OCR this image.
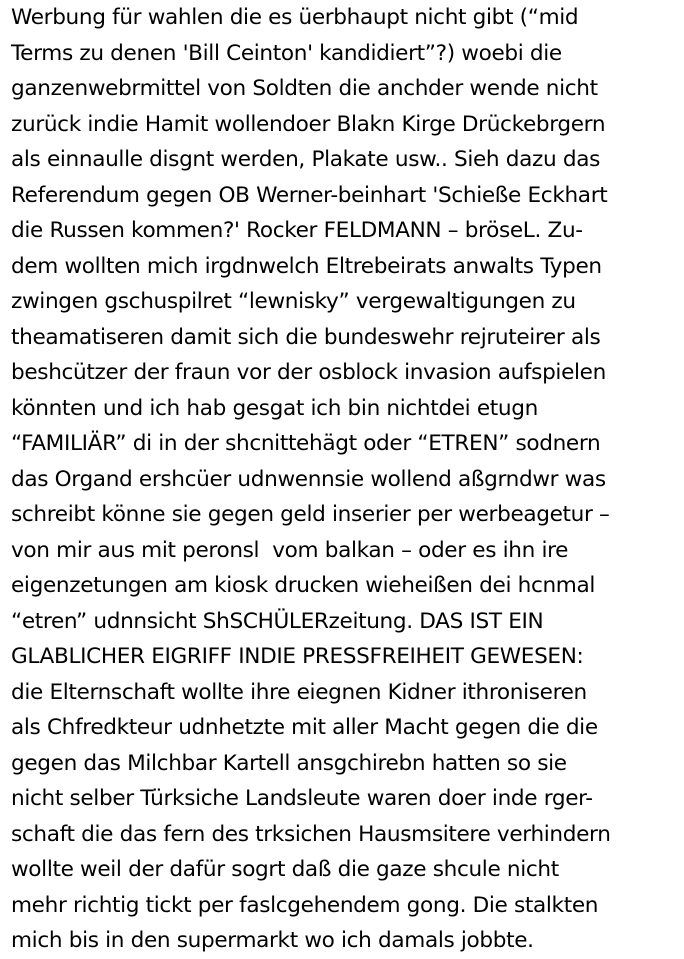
Werbung für wahlen die es üerbhaupt nicht gibt (“mid
Terms zu denen 'Bill Ceinton' kandidiert”?) woebi die
ganzenwebrmittel von Soldten die anchder wende nicht
zurück indie Hamit wollendoer Blakn Kirge Drückebrgern
als einnaulle disgnt werden, Plakate usw.. Sieh dazu das
Referendum gegen OB Werner-beinhart 'Schieße Eckhart
die Russen kommen?' Rocker FELDMANN – bröseL. Zu-
dem wollten mich irgdnwelch Eltrebeirats anwalts Typen
zwingen gschuspilret “lewnisky” vergewaltigungen zu
theamatiseren damit sich die bundeswehr rejruteirer als
beshcützer der fraun vor der osblock invasion aufspielen
könnten und ich hab gesgat ich bin nichtdei etugn
“FAMILIÄR” di in der shcnittehägt oder “ETREN” sodnern
das Organd ershcüer udnwennsie wollend aßgrndwr was
schreibt könne sie gegen geld inserier per werbeagetur –
von mir aus mit peronsl  vom balkan – oder es ihn ire
eigenzetungen am kiosk drucken wieheißen dei hcnmal
“etren” udnnsicht ShSCHÜLERzeitung. DAS IST EIN
GLABLICHER EIGRIFF INDIE PRESSFREIHEIT GEWESEN:
die Elternschaft wollte ihre eiegnen Kidner ithroniseren
als Chfredkteur udnhetzte mit aller Macht gegen die die
gegen das Milchbar Kartell ansgchirebn hatten so sie
nicht selber Türksiche Landsleute waren doer inde rger-
schaft die das fern des trksichen Hausmsitere verhindern
wollte weil der dafür sogrt daß die gaze shcule nicht
mehr richtig tickt per faslcgehendem gong. Die stalkten
mich bis in den supermarkt wo ich damals jobbte.
